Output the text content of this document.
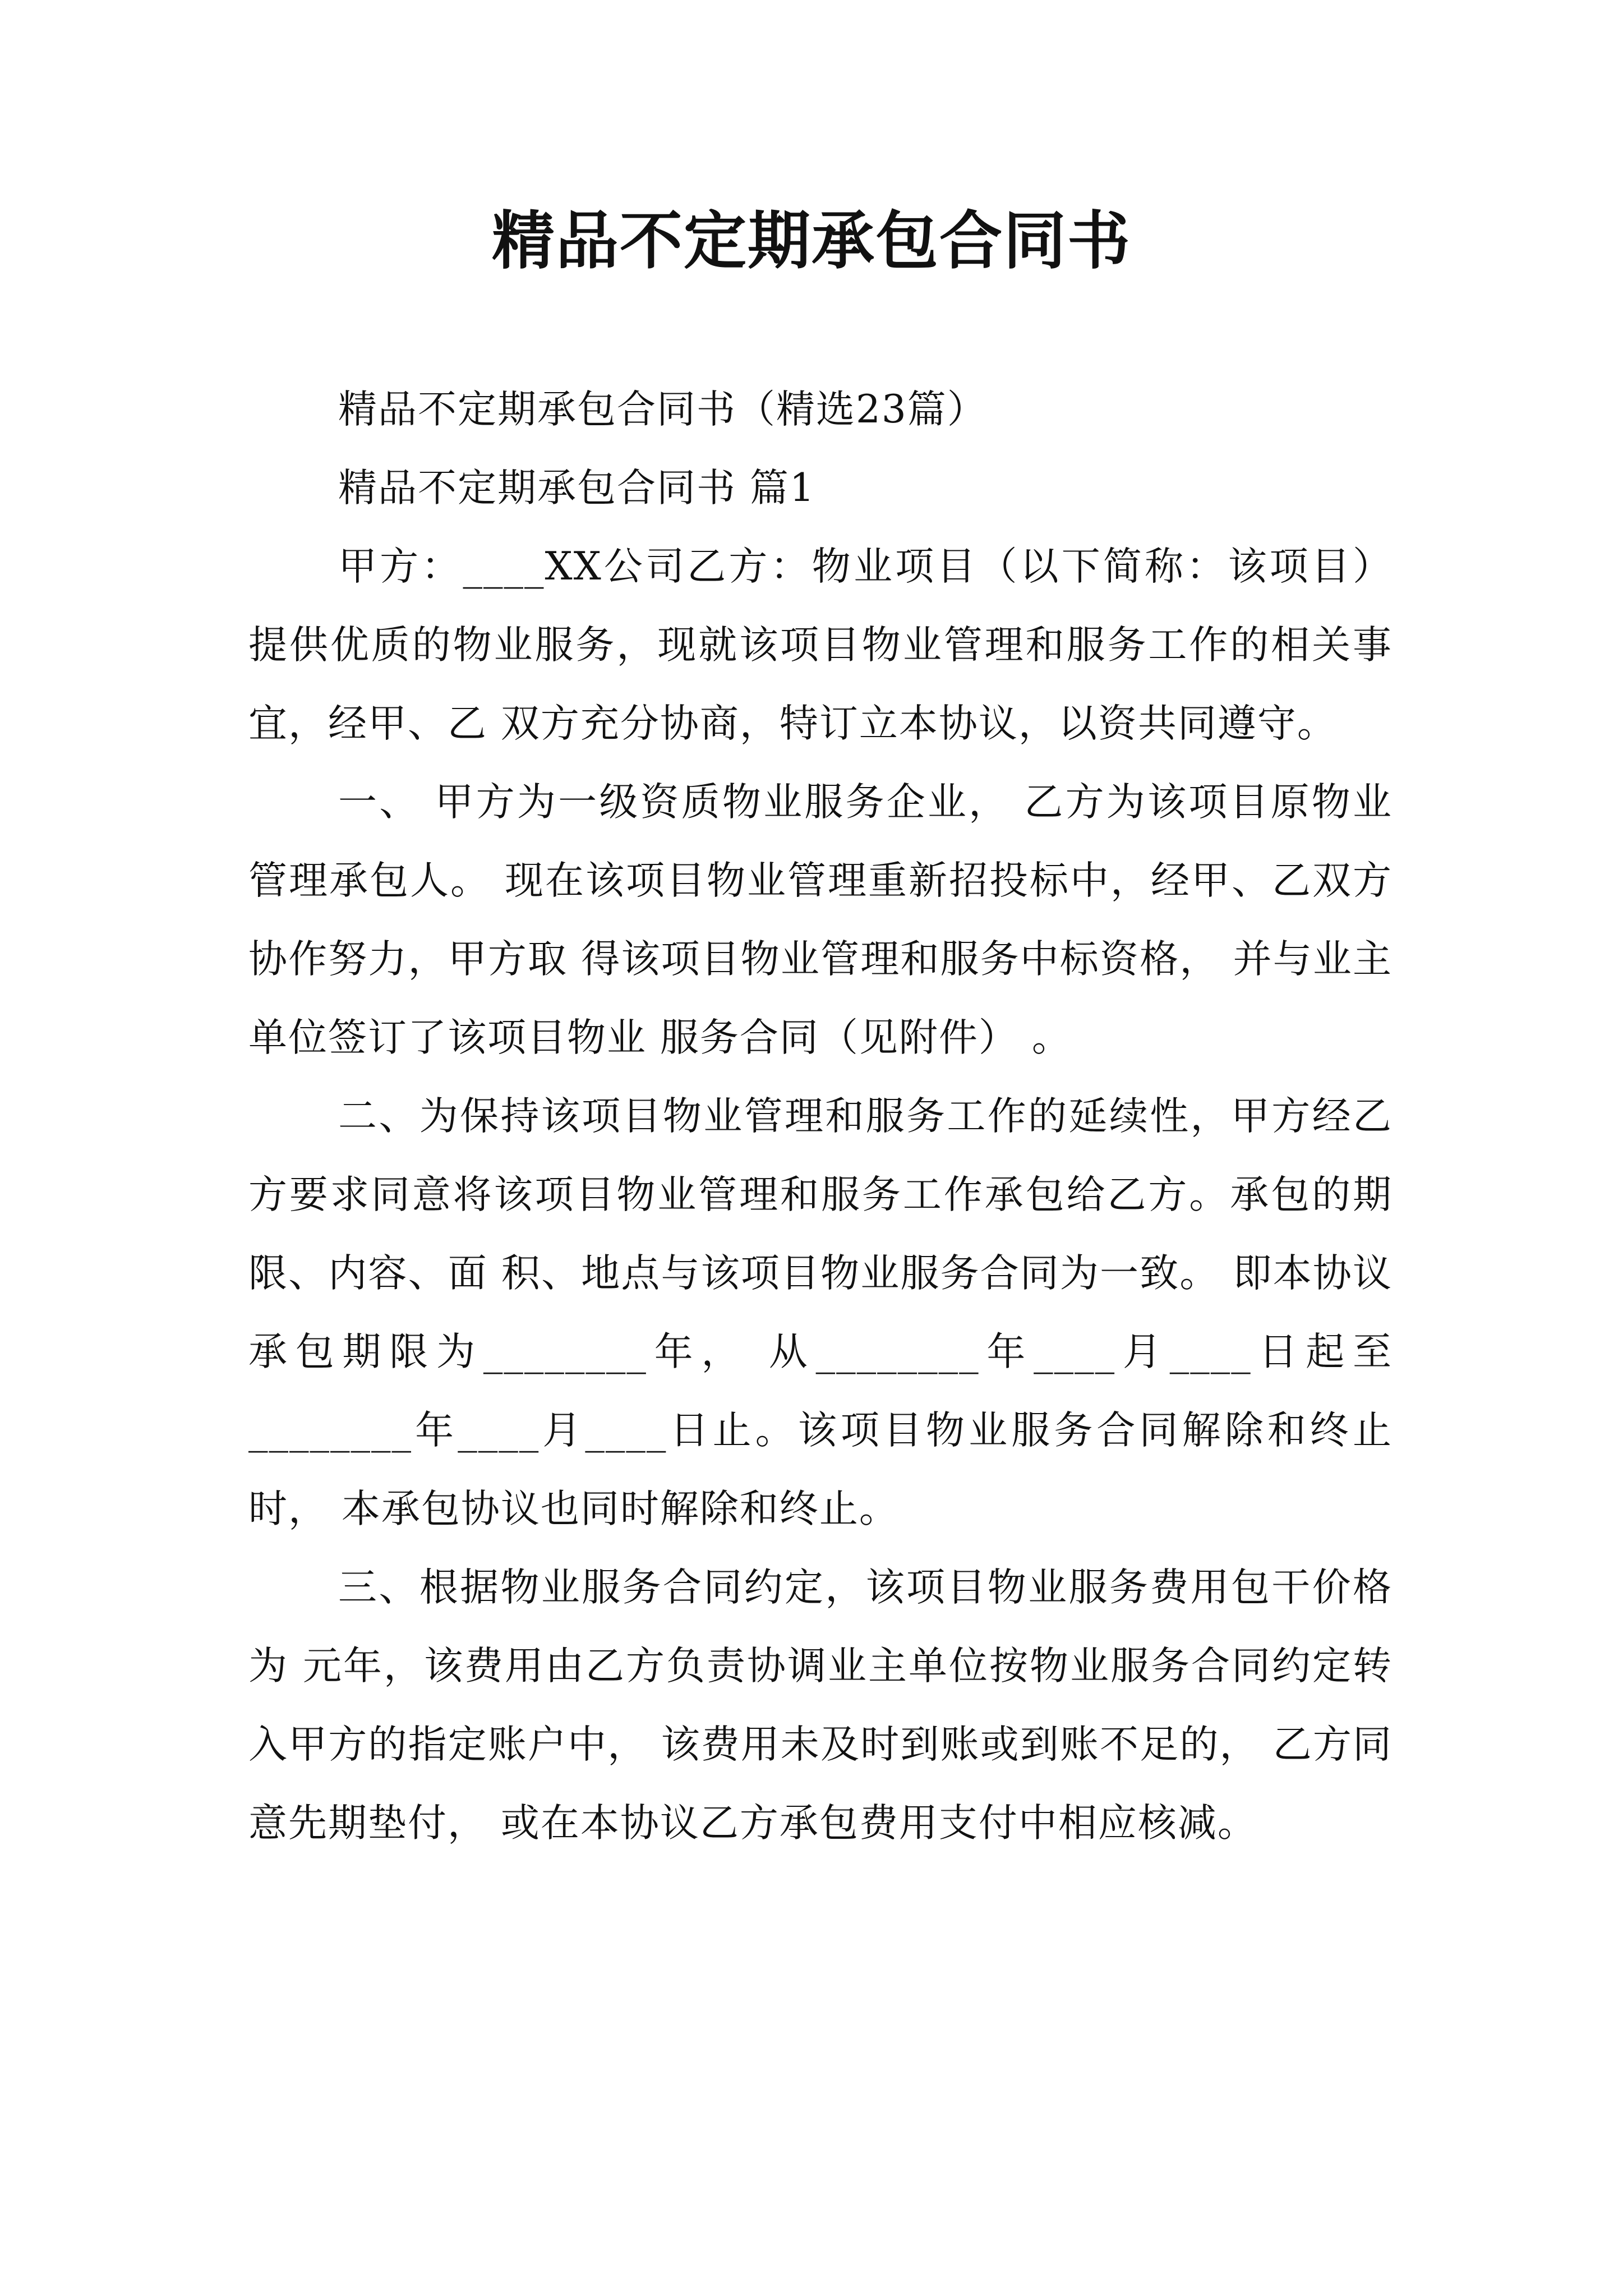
精品不定期承包合同书

精品不定期承包合同书（精选23篇）

精品不定期承包合同书 篇1

甲方：____XX公司乙方：物业项目（以下简称：该项目）提供优质的物业服务，现就该项目物业管理和服务工作的相关事宜，经甲、乙 双方充分协商，特订立本协议，以资共同遵守。

一、 甲方为一级资质物业服务企业， 乙方为该项目原物业管理承包人。 现在该项目物业管理重新招投标中，经甲、乙双方协作努力，甲方取 得该项目物业管理和服务中标资格， 并与业主单位签订了该项目物业 服务合同（见附件） 。

二、为保持该项目物业管理和服务工作的延续性，甲方经乙方要求同意将该项目物业管理和服务工作承包给乙方。承包的期限、内容、面 积、地点与该项目物业服务合同为一致。 即本协议承包期限为________年， 从________年____月____日起至________年____月____日止。该项目物业服务合同解除和终止时， 本承包协议也同时解除和终止。

三、根据物业服务合同约定，该项目物业服务费用包干价格为 元年，该费用由乙方负责协调业主单位按物业服务合同约定转入甲方的指定账户中， 该费用未及时到账或到账不足的， 乙方同意先期垫付， 或在本协议乙方承包费用支付中相应核减。
